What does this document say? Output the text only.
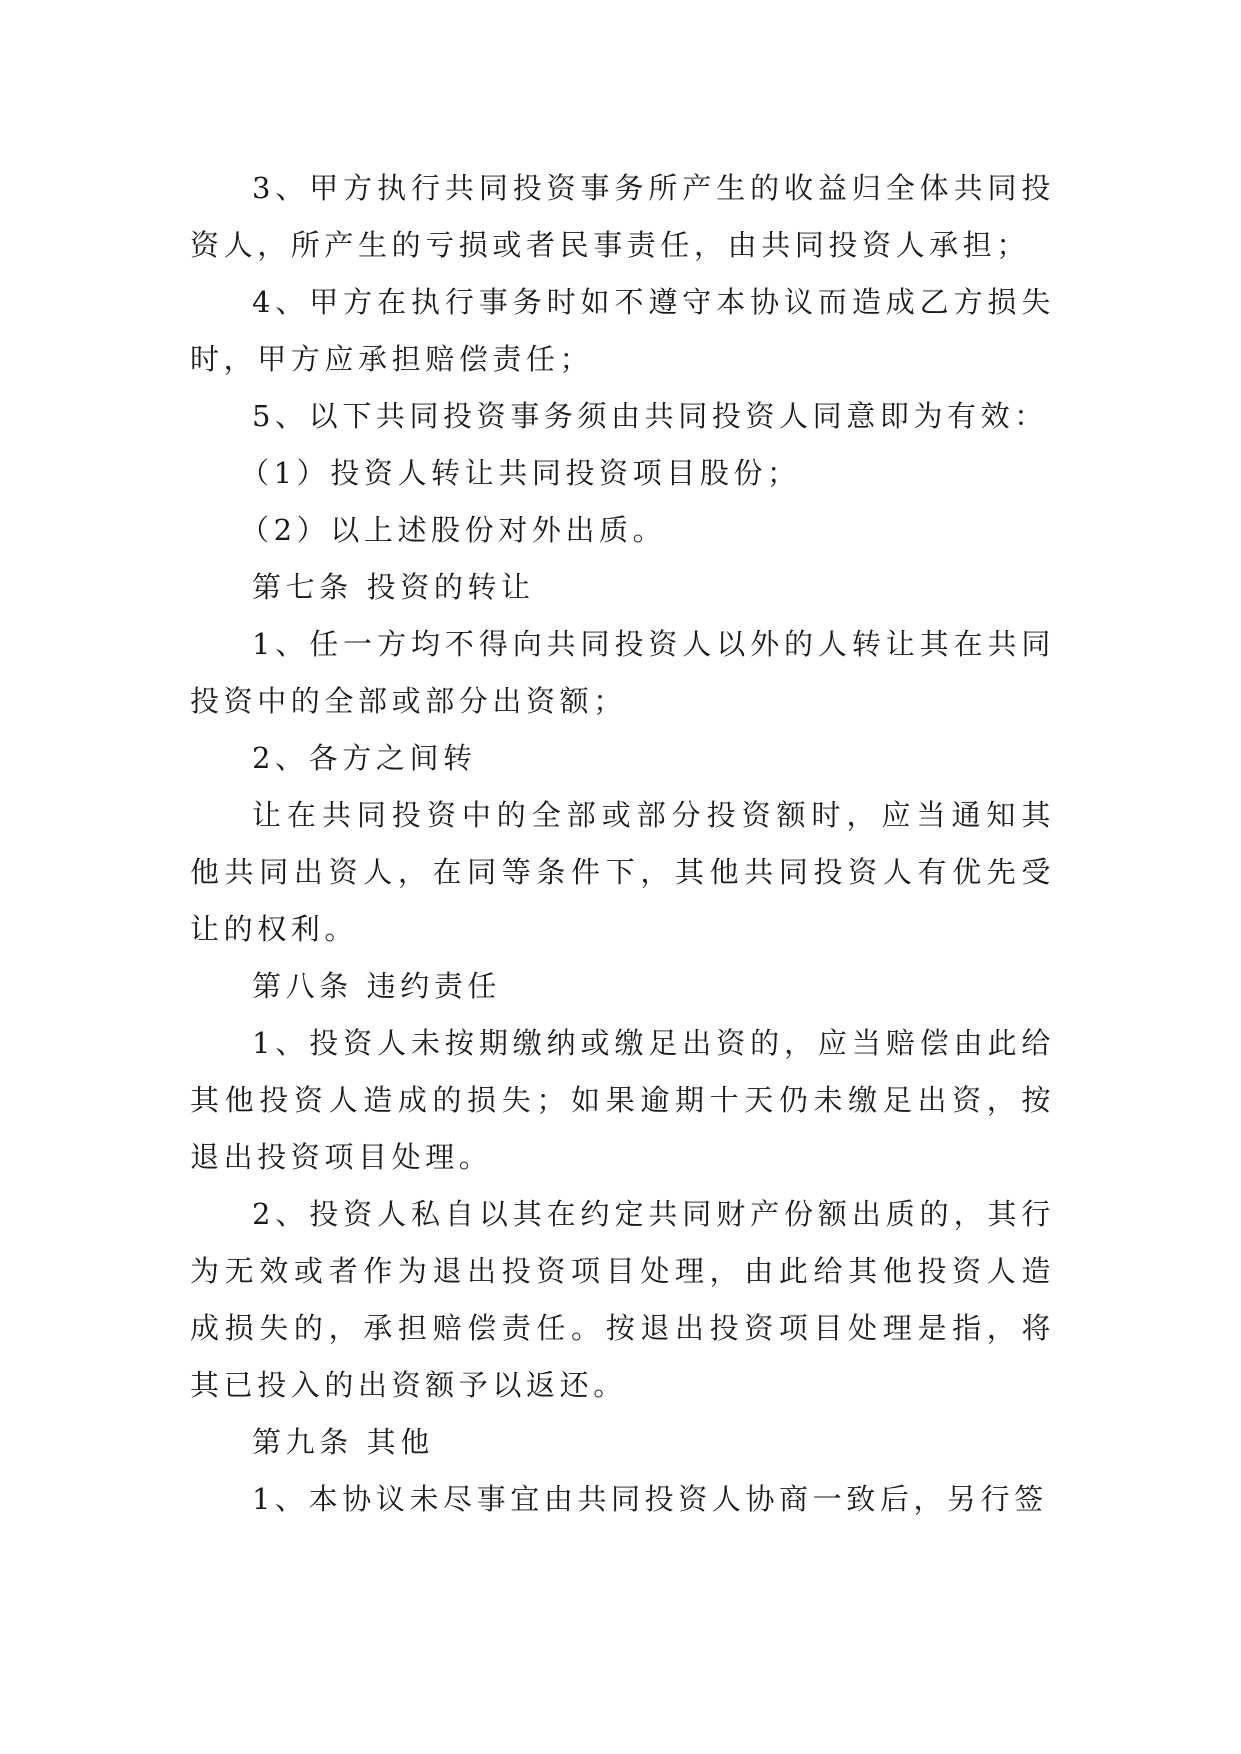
3、甲方执行共同投资事务所产生的收益归全体共同投资人，所产生的亏损或者民事责任，由共同投资人承担；

4、甲方在执行事务时如不遵守本协议而造成乙方损失时，甲方应承担赔偿责任；

5、以下共同投资事务须由共同投资人同意即为有效：

（1）投资人转让共同投资项目股份；

（2）以上述股份对外出质。

第七条 投资的转让

1、任一方均不得向共同投资人以外的人转让其在共同投资中的全部或部分出资额；

2、各方之间转

让在共同投资中的全部或部分投资额时，应当通知其他共同出资人，在同等条件下，其他共同投资人有优先受让的权利。

第八条 违约责任

1、投资人未按期缴纳或缴足出资的，应当赔偿由此给其他投资人造成的损失；如果逾期十天仍未缴足出资，按退出投资项目处理。

2、投资人私自以其在约定共同财产份额出质的，其行为无效或者作为退出投资项目处理，由此给其他投资人造成损失的，承担赔偿责任。按退出投资项目处理是指，将其已投入的出资额予以返还。

第九条 其他

1、本协议未尽事宜由共同投资人协商一致后，另行签
